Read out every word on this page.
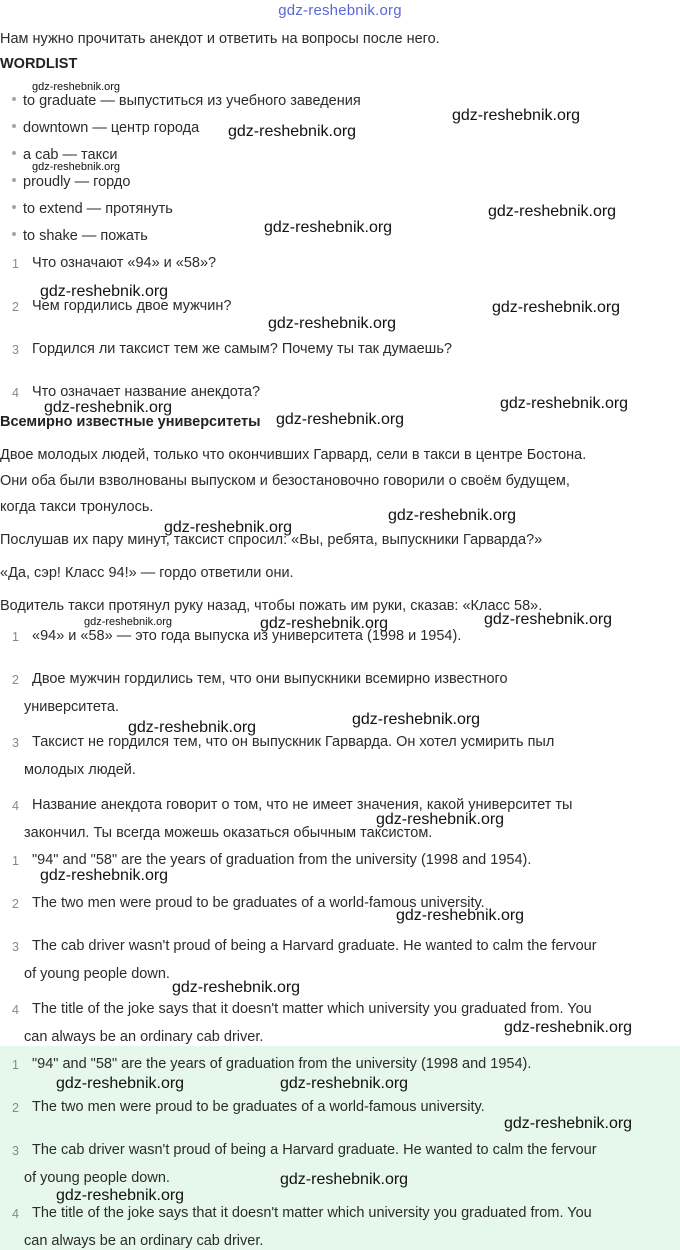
gdz-reshebnik.org
Нам нужно прочитать анекдот и ответить на вопросы после него.
WORDLIST
to graduate — выпуститься из учебного заведения
downtown — центр города
a cab — такси
proudly — гордо
to extend — протянуть
to shake — пожать
1 Что означают «94» и «58»?
2 Чем гордились двое мужчин?
3 Гордился ли таксист тем же самым? Почему ты так думаешь?
4 Что означает название анекдота?
Всемирно известные университеты
Двое молодых людей, только что окончивших Гарвард, сели в такси в центре Бостона.
Они оба были взволнованы выпуском и безостановочно говорили о своём будущем,
когда такси тронулось.
Послушав их пару минут, таксист спросил: «Вы, ребята, выпускники Гарварда?»
«Да, сэр! Класс 94!» — гордо ответили они.
Водитель такси протянул руку назад, чтобы пожать им руки, сказав: «Класс 58».
1 «94» и «58» — это года выпуска из университета (1998 и 1954).
2 Двое мужчин гордились тем, что они выпускники всемирно известного
университета.
3 Таксист не гордился тем, что он выпускник Гарварда. Он хотел усмирить пыл
молодых людей.
4 Название анекдота говорит о том, что не имеет значения, какой университет ты
закончил. Ты всегда можешь оказаться обычным таксистом.
1 "94" and "58" are the years of graduation from the university (1998 and 1954).
2 The two men were proud to be graduates of a world-famous university.
3 The cab driver wasn't proud of being a Harvard graduate. He wanted to calm the fervour
of young people down.
4 The title of the joke says that it doesn't matter which university you graduated from. You
can always be an ordinary cab driver.
1 "94" and "58" are the years of graduation from the university (1998 and 1954).
2 The two men were proud to be graduates of a world-famous university.
3 The cab driver wasn't proud of being a Harvard graduate. He wanted to calm the fervour
of young people down.
4 The title of the joke says that it doesn't matter which university you graduated from. You
can always be an ordinary cab driver.
gdz-reshebnik.org
gdz-reshebnik.org
gdz-reshebnik.org
gdz-reshebnik.org
gdz-reshebnik.org
gdz-reshebnik.org
gdz-reshebnik.org
gdz-reshebnik.org
gdz-reshebnik.org
gdz-reshebnik.org
gdz-reshebnik.org
gdz-reshebnik.org
gdz-reshebnik.org
gdz-reshebnik.org
gdz-reshebnik.org	gdz-reshebnik.org	gdz-reshebnik.org
gdz-reshebnik.org	gdz-reshebnik.org
gdz-reshebnik.org
gdz-reshebnik.org
gdz-reshebnik.org
gdz-reshebnik.org
gdz-reshebnik.org
gdz-reshebnik.org	gdz-reshebnik.org
gdz-reshebnik.org
gdz-reshebnik.org
gdz-reshebnik.org
